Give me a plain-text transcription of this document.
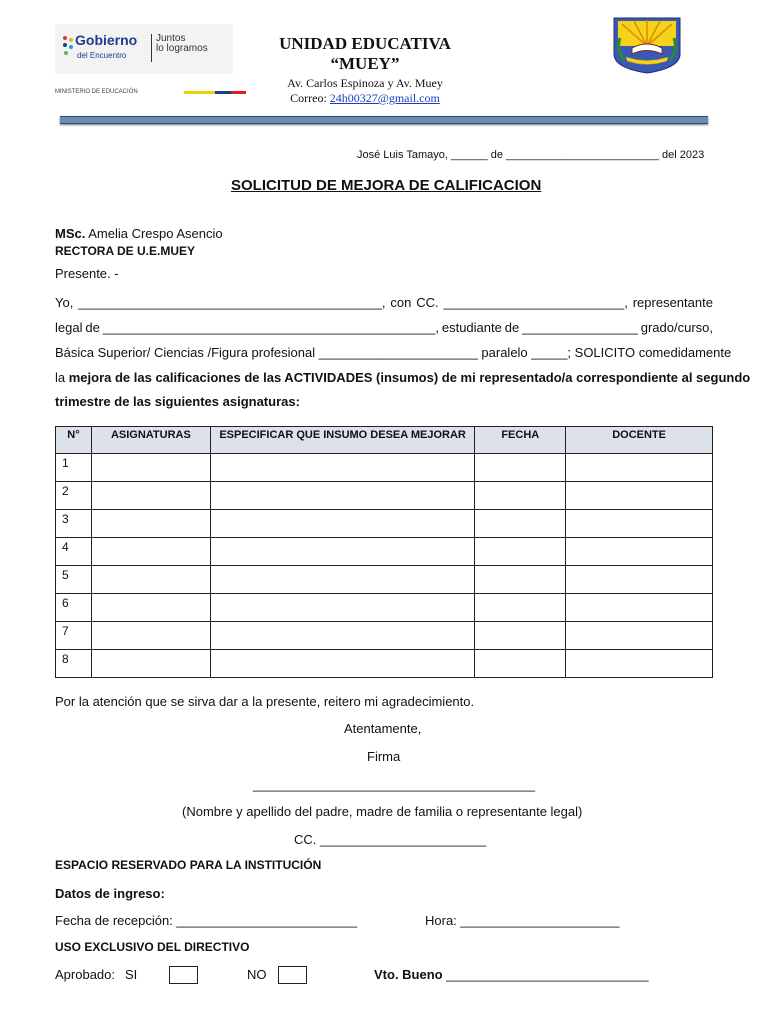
Gobierno
del Encuentro
Juntos
lo logramos
MINISTERIO DE EDUCACIÓN
UNIDAD EDUCATIVA
“MUEY”
Av. Carlos Espinoza y Av. Muey
Correo: 24h00327@gmail.com
José Luis Tamayo, ______ de _________________________ del 2023
SOLICITUD DE MEJORA DE CALIFICACION
MSc. Amelia Crespo Asencio
RECTORA DE U.E.MUEY
Presente. -
Yo, __________________________________________, con CC. _________________________, representante
legal de ______________________________________________, estudiante de ________________ grado/curso,
Básica Superior/ Ciencias /Figura profesional ______________________ paralelo _____; SOLICITO comedidamente
la mejora de las calificaciones de las ACTIVIDADES (insumos) de mi representado/a correspondiente al segundo
trimestre de las siguientes asignaturas:
N°	ASIGNATURAS	ESPECIFICAR QUE INSUMO DESEA MEJORAR	FECHA	DOCENTE
1				
2				
3				
4				
5				
6				
7				
8				
Por la atención que se sirva dar a la presente, reitero mi agradecimiento.
Atentamente,
Firma
_______________________________________
(Nombre y apellido del padre, madre de familia o representante legal)
CC. _______________________
ESPACIO RESERVADO PARA LA INSTITUCIÓN
Datos de ingreso:
Fecha de recepción: _________________________	Hora: ______________________
USO EXCLUSIVO DEL DIRECTIVO
Aprobado: SI	NO	Vto. Bueno ____________________________
